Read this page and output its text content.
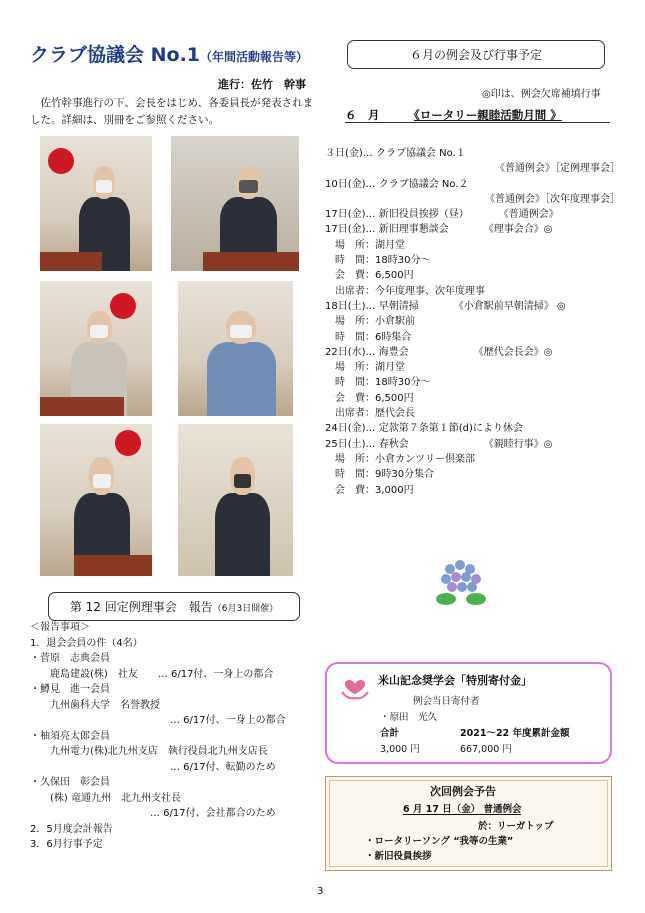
クラブ協議会 No.1（年間活動報告等）
進行：佐竹　幹事
佐竹幹事進行の下、会長をはじめ、各委員長が発表されました。詳細は、別冊をご参照ください。
６月の例会及び行事予定
◎印は、例会欠席補填行事
６　月　　　	《ロータリー親睦活動月間 》
３日(金)… クラブ協議会 No.１
《普通例会》［定例理事会］
10日(金)… クラブ協議会 No.２
《普通例会》［次年度理事会］
17日(金)… 新旧役員挨拶（昼）　　　　《普通例会》
17日(金)… 新旧理事懇談会　　　　《理事会合》◎
　場　所：湖月堂
　時　間：18時30分～
　会　費：6,500円
　出席者：今年度理事、次年度理事
18日(土)… 早朝清掃　　　　《小倉駅前早朝清掃》 ◎
　場　所：小倉駅前
　時　間：6時集合
22日(水)… 海豊会　　　　　　　《歴代会長会》◎
　場　所：湖月堂
　時　間：18時30分～
　会　費：6,500円
　出席者：歴代会長
24日(金)… 定款第７条第１節(d)により休会
25日(土)… 春秋会　　　　　　　　《親睦行事》◎
　場　所：小倉カンツリー倶楽部
　時　間：9時30分集合
　会　費：3,000円
第 12 回定例理事会　報告（6月3日開催）
＜報告事項＞
1．退会会員の件（4名）
・菅原　志典会員
　　鹿島建設(株)　社友　　… 6/17付、一身上の都合
・鱒見　進一会員
　　九州歯科大学　名誉教授
　　　　　　　　　　　　　　… 6/17付、一身上の都合
・柚須亮太郎会員
　　九州電力(株)北九州支店　執行役員北九州支店長
　　　　　　　　　　　　　　… 6/17付、転勤のため
・久保田　彰会員
　　(株) 竜通九州　北九州支社長
　　　　　　　　　　　　… 6/17付、会社都合のため
2．5月度会計報告
3．6月行事予定
米山記念奨学会「特別寄付金」
例会当日寄付者
・原田　光久
合計	2021～22 年度累計金額
3,000 円	667,000 円
次回例会予告
6 月 17 日（金） 普通例会
於：リーガトップ
・ロータリーソング “我等の生業”
・新旧役員挨拶
3
